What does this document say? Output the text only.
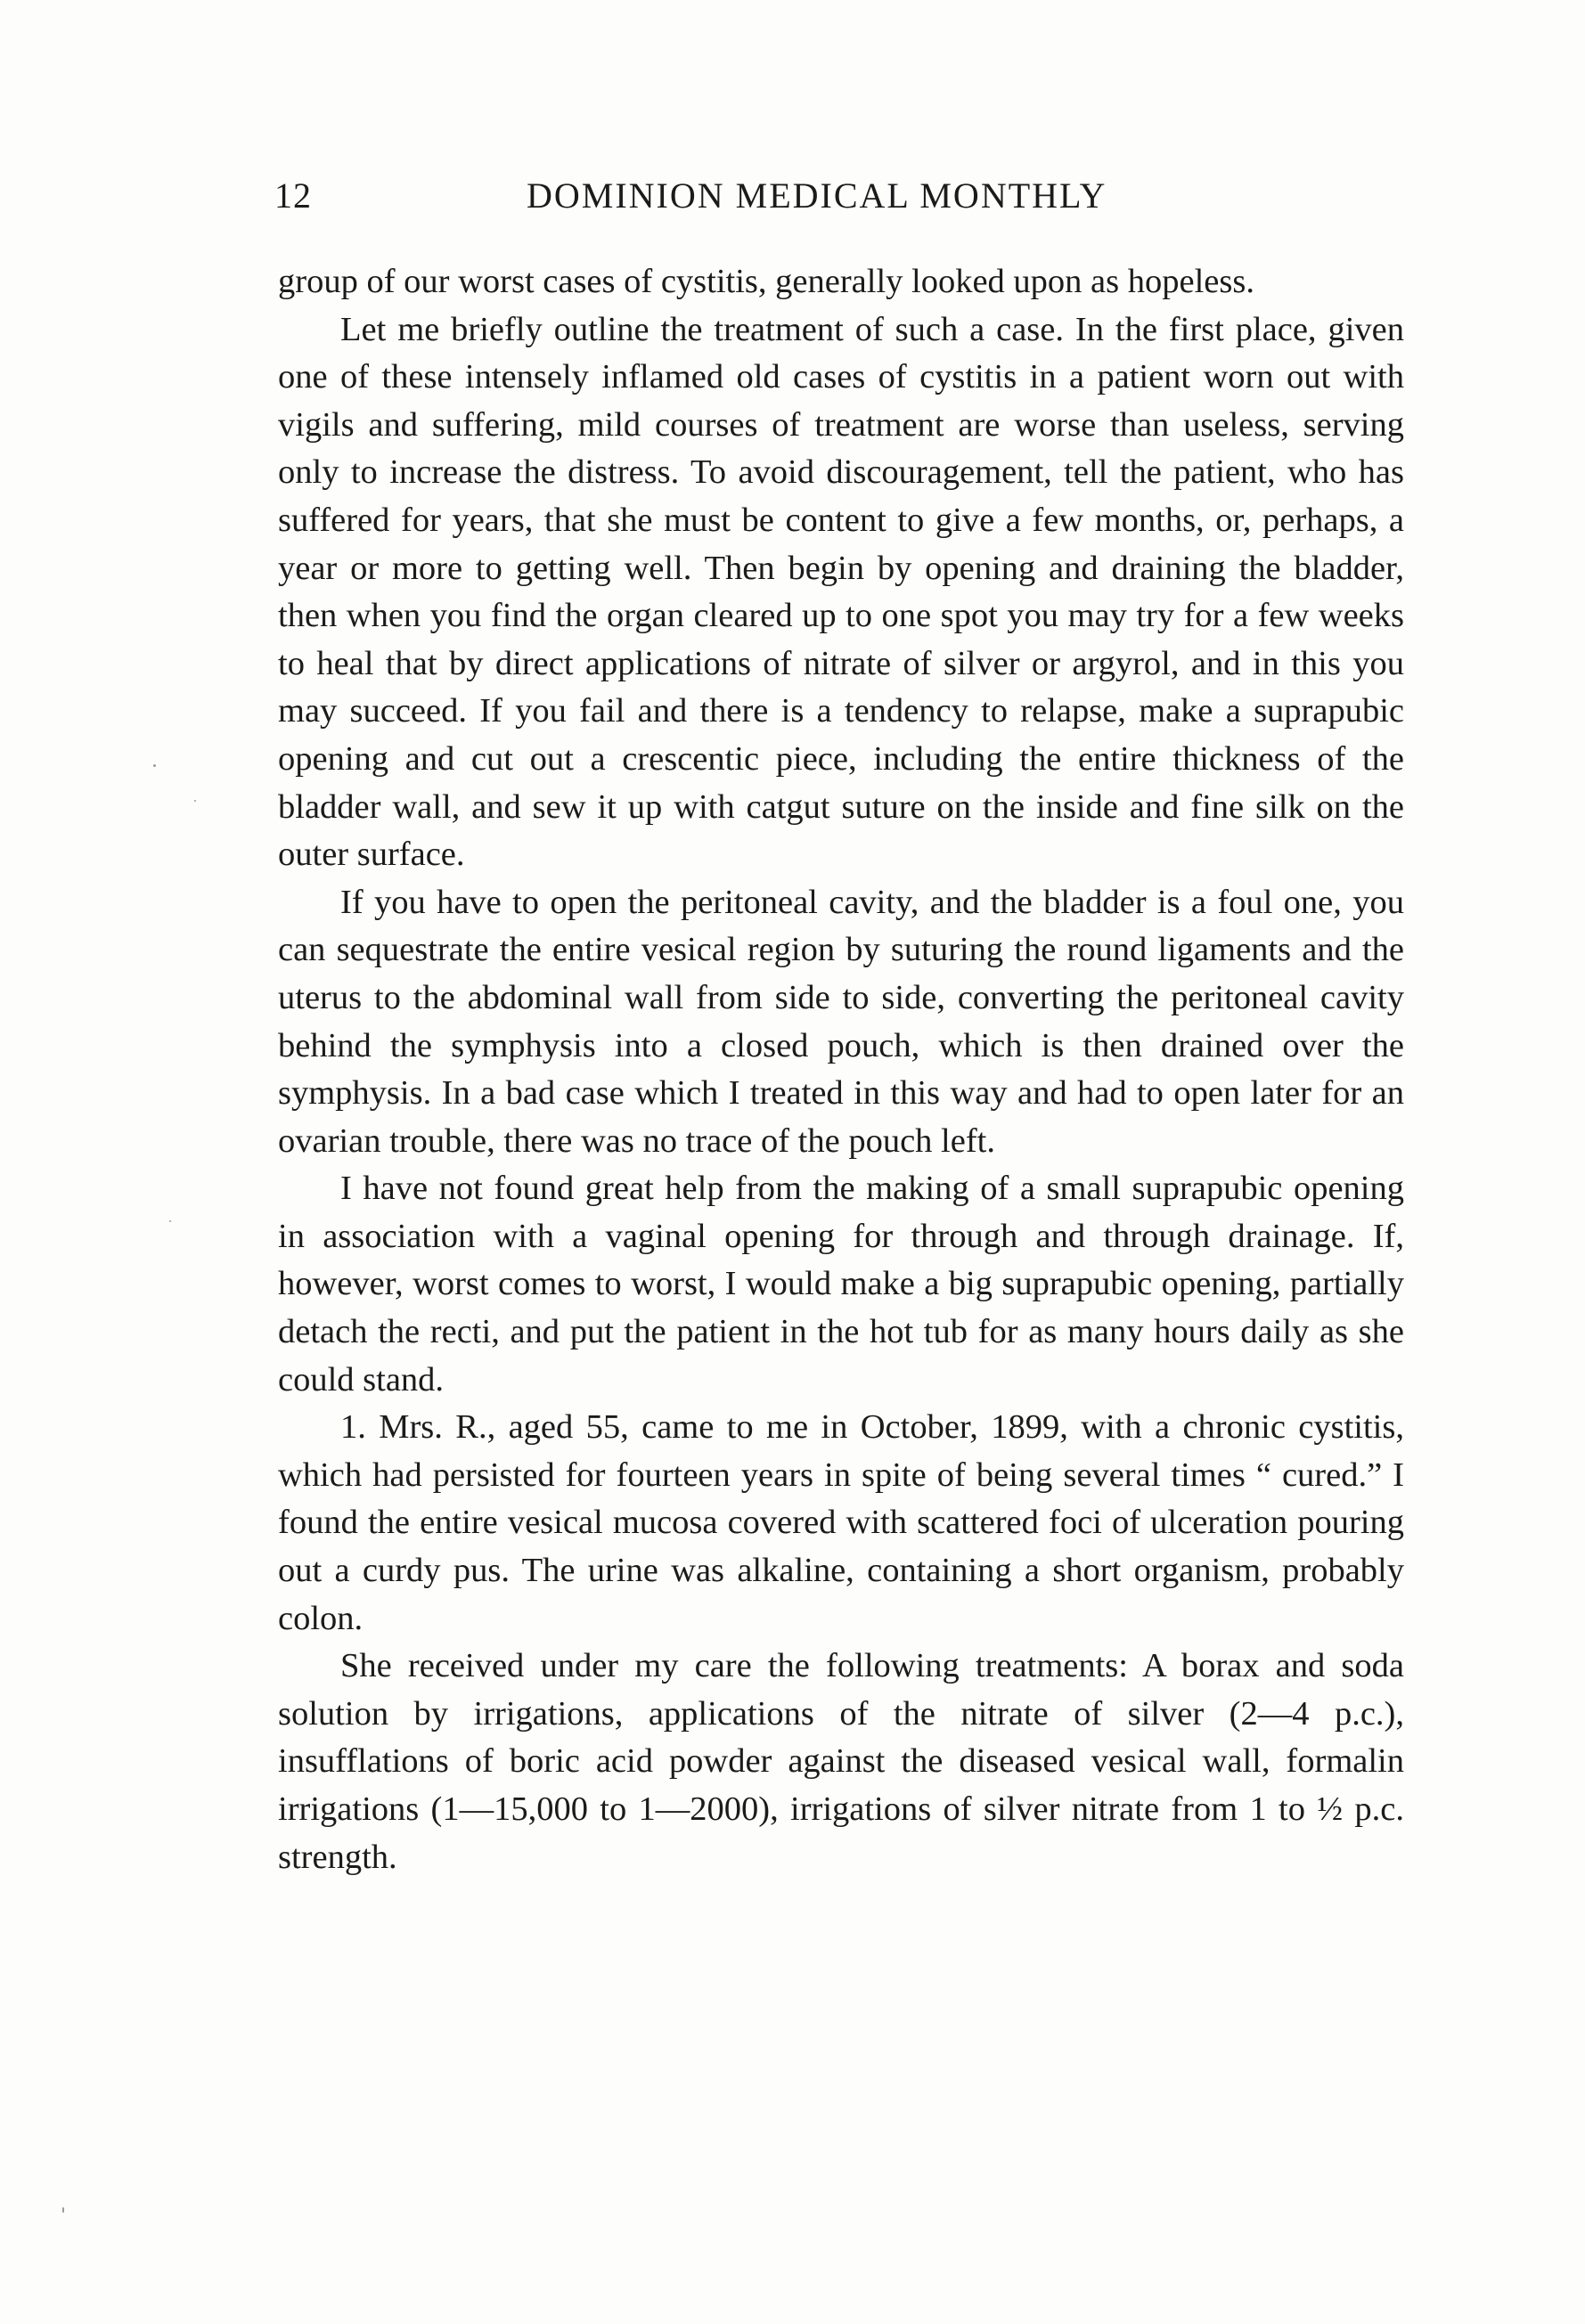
12	DOMINION MEDICAL MONTHLY

group of our worst cases of cystitis, generally looked upon as hopeless.

Let me briefly outline the treatment of such a case. In the first place, given one of these intensely inflamed old cases of cystitis in a patient worn out with vigils and suffering, mild courses of treatment are worse than useless, serving only to increase the distress. To avoid discouragement, tell the patient, who has suffered for years, that she must be content to give a few months, or, perhaps, a year or more to getting well. Then begin by opening and draining the bladder, then when you find the organ cleared up to one spot you may try for a few weeks to heal that by direct applications of nitrate of silver or argyrol, and in this you may succeed. If you fail and there is a tendency to relapse, make a suprapubic opening and cut out a crescentic piece, including the entire thickness of the bladder wall, and sew it up with catgut suture on the inside and fine silk on the outer surface.

If you have to open the peritoneal cavity, and the bladder is a foul one, you can sequestrate the entire vesical region by suturing the round ligaments and the uterus to the abdominal wall from side to side, converting the peritoneal cavity behind the symphysis into a closed pouch, which is then drained over the symphysis. In a bad case which I treated in this way and had to open later for an ovarian trouble, there was no trace of the pouch left.

I have not found great help from the making of a small suprapubic opening in association with a vaginal opening for through and through drainage. If, however, worst comes to worst, I would make a big suprapubic opening, partially detach the recti, and put the patient in the hot tub for as many hours daily as she could stand.

1. Mrs. R., aged 55, came to me in October, 1899, with a chronic cystitis, which had persisted for fourteen years in spite of being several times “ cured.” I found the entire vesical mucosa covered with scattered foci of ulceration pouring out a curdy pus. The urine was alkaline, containing a short organism, probably colon.

She received under my care the following treatments: A borax and soda solution by irrigations, applications of the nitrate of silver (2—4 p.c.), insufflations of boric acid powder against the diseased vesical wall, formalin irrigations (1—15,000 to 1—2000), irrigations of silver nitrate from 1 to ½ p.c. strength.
